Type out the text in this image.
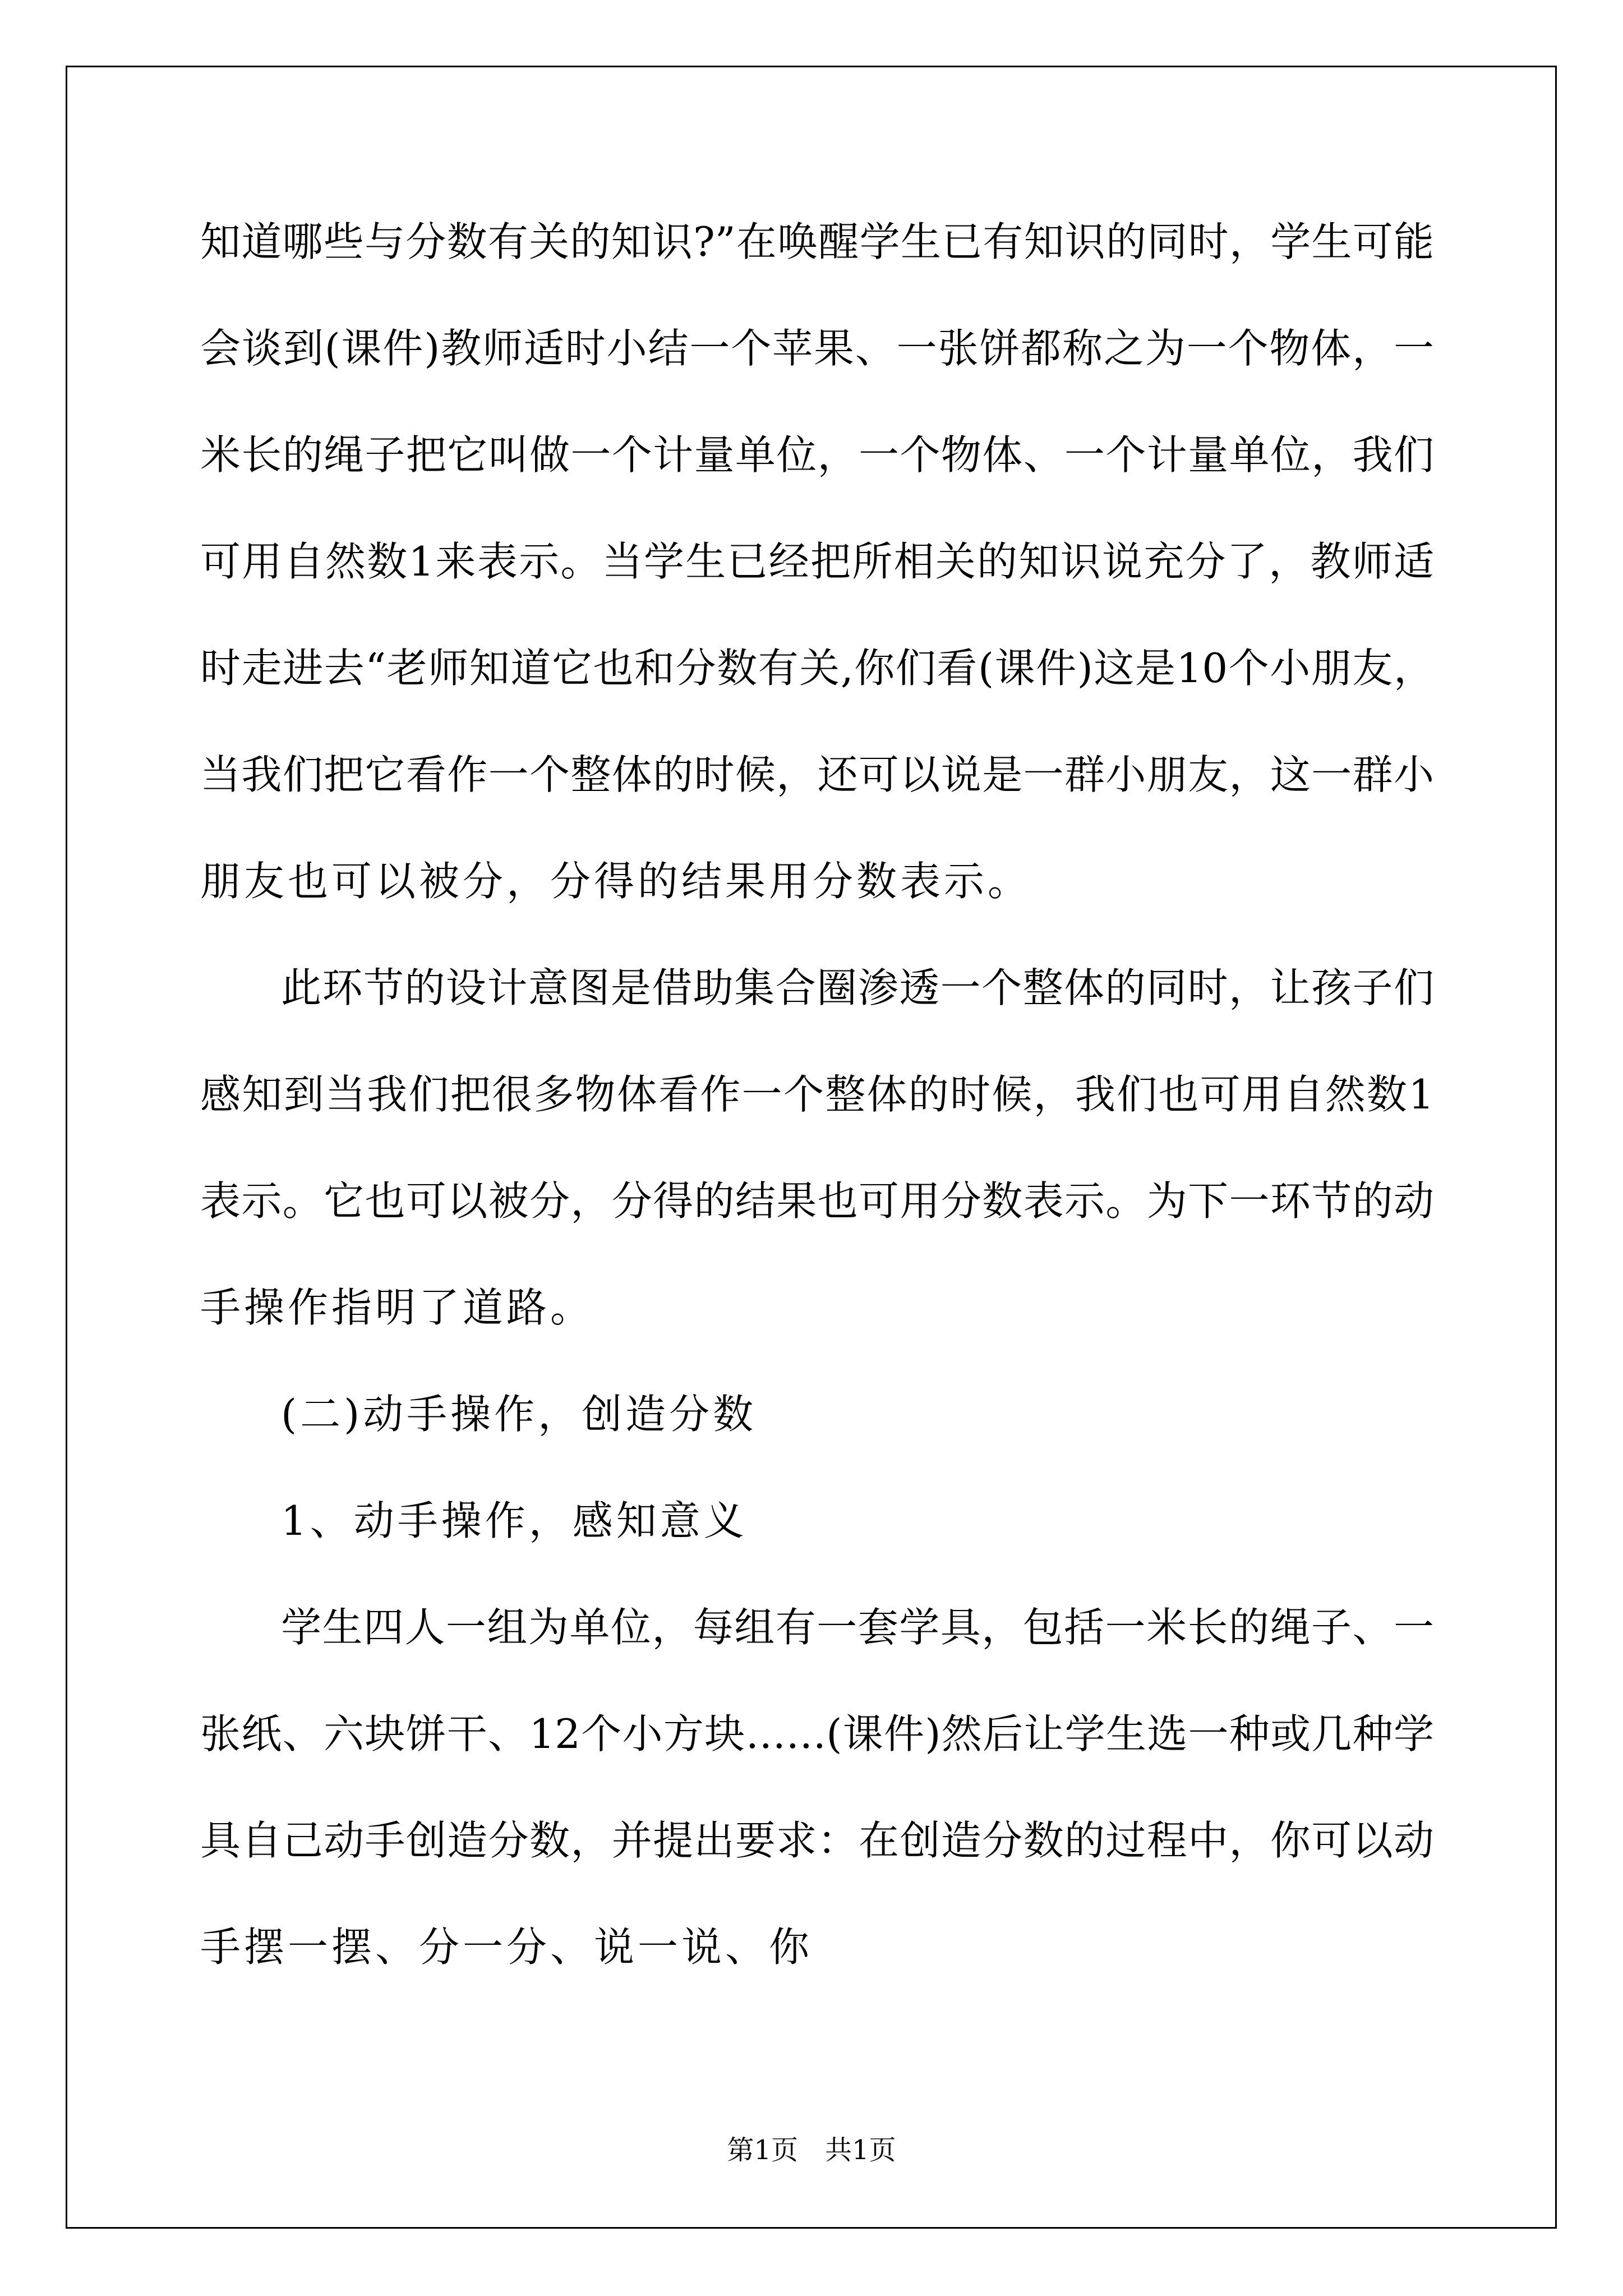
知道哪些与分数有关的知识?”在唤醒学生已有知识的同时，学生可能
会谈到(课件)教师适时小结一个苹果、一张饼都称之为一个物体，一
米长的绳子把它叫做一个计量单位，一个物体、一个计量单位，我们
可用自然数1来表示。当学生已经把所相关的知识说充分了，教师适
时走进去“老师知道它也和分数有关,你们看(课件)这是10个小朋友，
当我们把它看作一个整体的时候，还可以说是一群小朋友，这一群小
朋友也可以被分，分得的结果用分数表示。
此环节的设计意图是借助集合圈渗透一个整体的同时，让孩子们
感知到当我们把很多物体看作一个整体的时候，我们也可用自然数1
表示。它也可以被分，分得的结果也可用分数表示。为下一环节的动
手操作指明了道路。
(二)动手操作，创造分数
1、动手操作，感知意义
学生四人一组为单位，每组有一套学具，包括一米长的绳子、一
张纸、六块饼干、12个小方块……(课件)然后让学生选一种或几种学
具自己动手创造分数，并提出要求：在创造分数的过程中，你可以动
手摆一摆、分一分、说一说、你
第1页　共1页
